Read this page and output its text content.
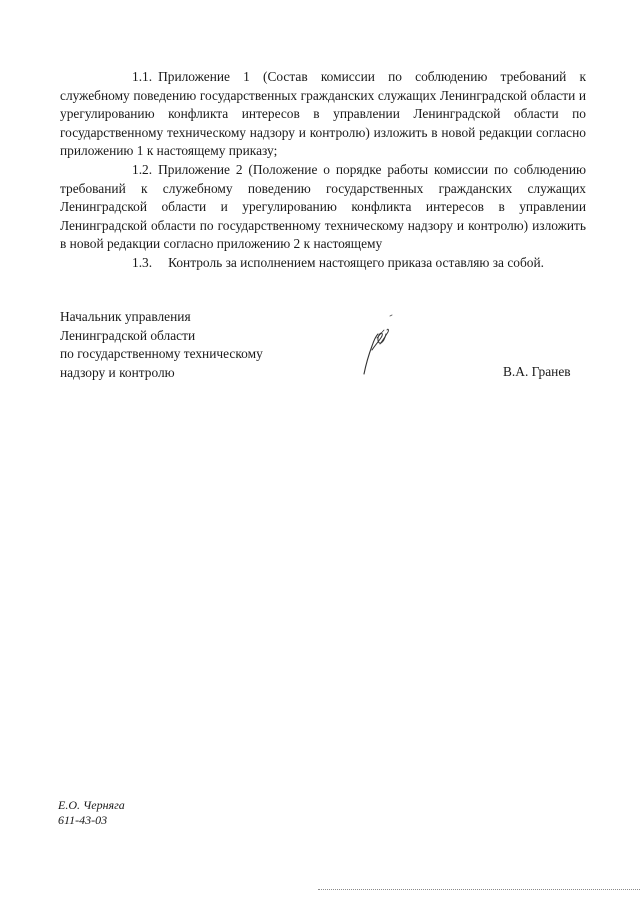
1.1. Приложение 1 (Состав комиссии по соблюдению требований к служебному поведению государственных гражданских служащих Ленинградской области и урегулированию конфликта интересов в управлении Ленинградской области по государственному техническому надзору и контролю) изложить в новой редакции согласно приложению 1 к настоящему приказу;

1.2. Приложение 2 (Положение о порядке работы комиссии по соблюдению требований к служебному поведению государственных гражданских служащих Ленинградской области и урегулированию конфликта интересов в управлении Ленинградской области по государственному техническому надзору и контролю) изложить в новой редакции согласно приложению 2 к настоящему

1.3. Контроль за исполнением настоящего приказа оставляю за собой.

Начальник управления
Ленинградской области
по государственному техническому
надзору и контролю	В.А. Гранев
Е.О. Черняга
611-43-03
